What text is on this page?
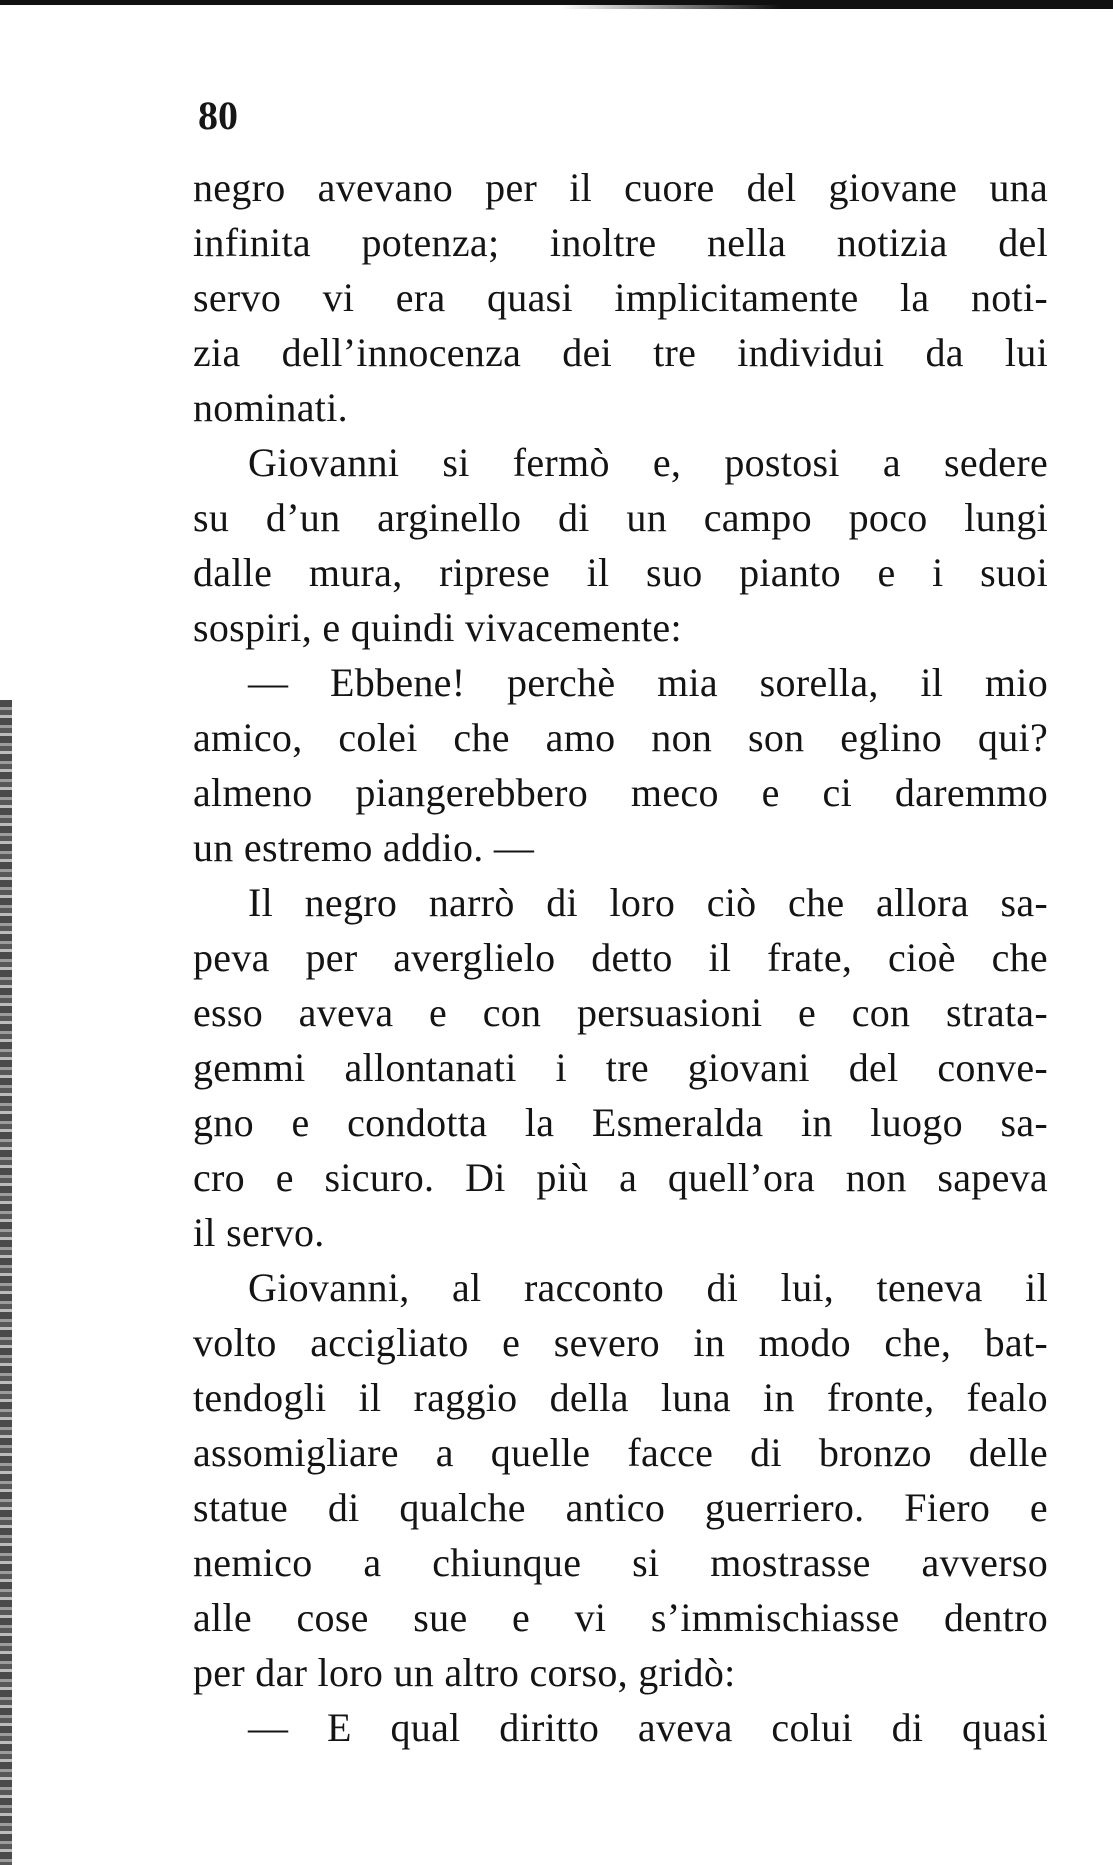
80
negro avevano per il cuore del giovane una
infinita potenza; inoltre nella notizia del
servo vi era quasi implicitamente la noti-
zia dell’innocenza dei tre individui da lui
nominati.
Giovanni si fermò e, postosi a sedere
su d’un arginello di un campo poco lungi
dalle mura, riprese il suo pianto e i suoi
sospiri, e quindi vivacemente:
— Ebbene! perchè mia sorella, il mio
amico, colei che amo non son eglino qui?
almeno piangerebbero meco e ci daremmo
un estremo addio. —
Il negro narrò di loro ciò che allora sa-
peva per averglielo detto il frate, cioè che
esso aveva e con persuasioni e con strata-
gemmi allontanati i tre giovani del conve-
gno e condotta la Esmeralda in luogo sa-
cro e sicuro. Di più a quell’ora non sapeva
il servo.
Giovanni, al racconto di lui, teneva il
volto accigliato e severo in modo che, bat-
tendogli il raggio della luna in fronte, fealo
assomigliare a quelle facce di bronzo delle
statue di qualche antico guerriero. Fiero e
nemico a chiunque si mostrasse avverso
alle cose sue e vi s’immischiasse dentro
per dar loro un altro corso, gridò:
— E qual diritto aveva colui di quasi
